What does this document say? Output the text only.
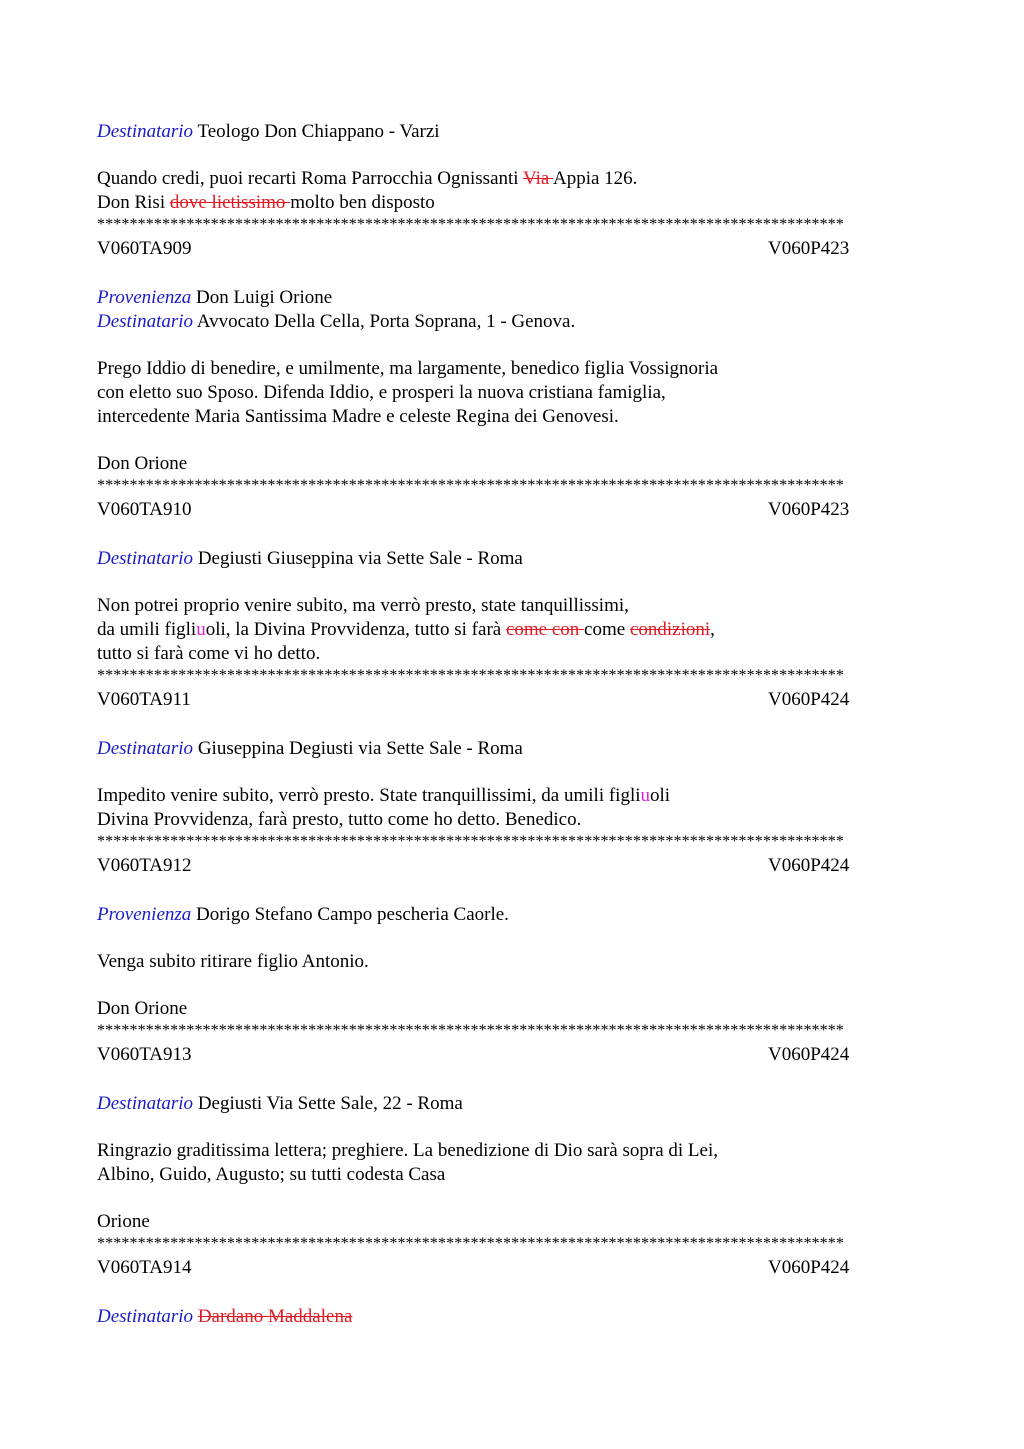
Destinatario Teologo Don Chiappano - Varzi
Quando credi, puoi recarti Roma Parrocchia Ognissanti Via Appia 126.
Don Risi dove lietissimo molto ben disposto
********************************************************************************************
V060TA909	V060P423
Provenienza Don Luigi Orione
Destinatario Avvocato Della Cella, Porta Soprana, 1 - Genova.
Prego Iddio di benedire, e umilmente, ma largamente, benedico figlia Vossignoria
con eletto suo Sposo. Difenda Iddio, e prosperi la nuova cristiana famiglia,
intercedente Maria Santissima Madre e celeste Regina dei Genovesi.
Don Orione
********************************************************************************************
V060TA910	V060P423
Destinatario Degiusti Giuseppina via Sette Sale - Roma
Non potrei proprio venire subito, ma verrò presto, state tanquillissimi,
da umili figliuoli, la Divina Provvidenza, tutto si farà come con come condizioni,
tutto si farà come vi ho detto.
********************************************************************************************
V060TA911	V060P424
Destinatario Giuseppina Degiusti via Sette Sale - Roma
Impedito venire subito, verrò presto. State tranquillissimi, da umili figliuoli
Divina Provvidenza, farà presto, tutto come ho detto. Benedico.
********************************************************************************************
V060TA912	V060P424
Provenienza Dorigo Stefano Campo pescheria Caorle.
Venga subito ritirare figlio Antonio.
Don Orione
********************************************************************************************
V060TA913	V060P424
Destinatario Degiusti Via Sette Sale, 22 - Roma
Ringrazio graditissima lettera; preghiere. La benedizione di Dio sarà sopra di Lei,
Albino, Guido, Augusto; su tutti codesta Casa
Orione
********************************************************************************************
V060TA914	V060P424
Destinatario Dardano Maddalena
